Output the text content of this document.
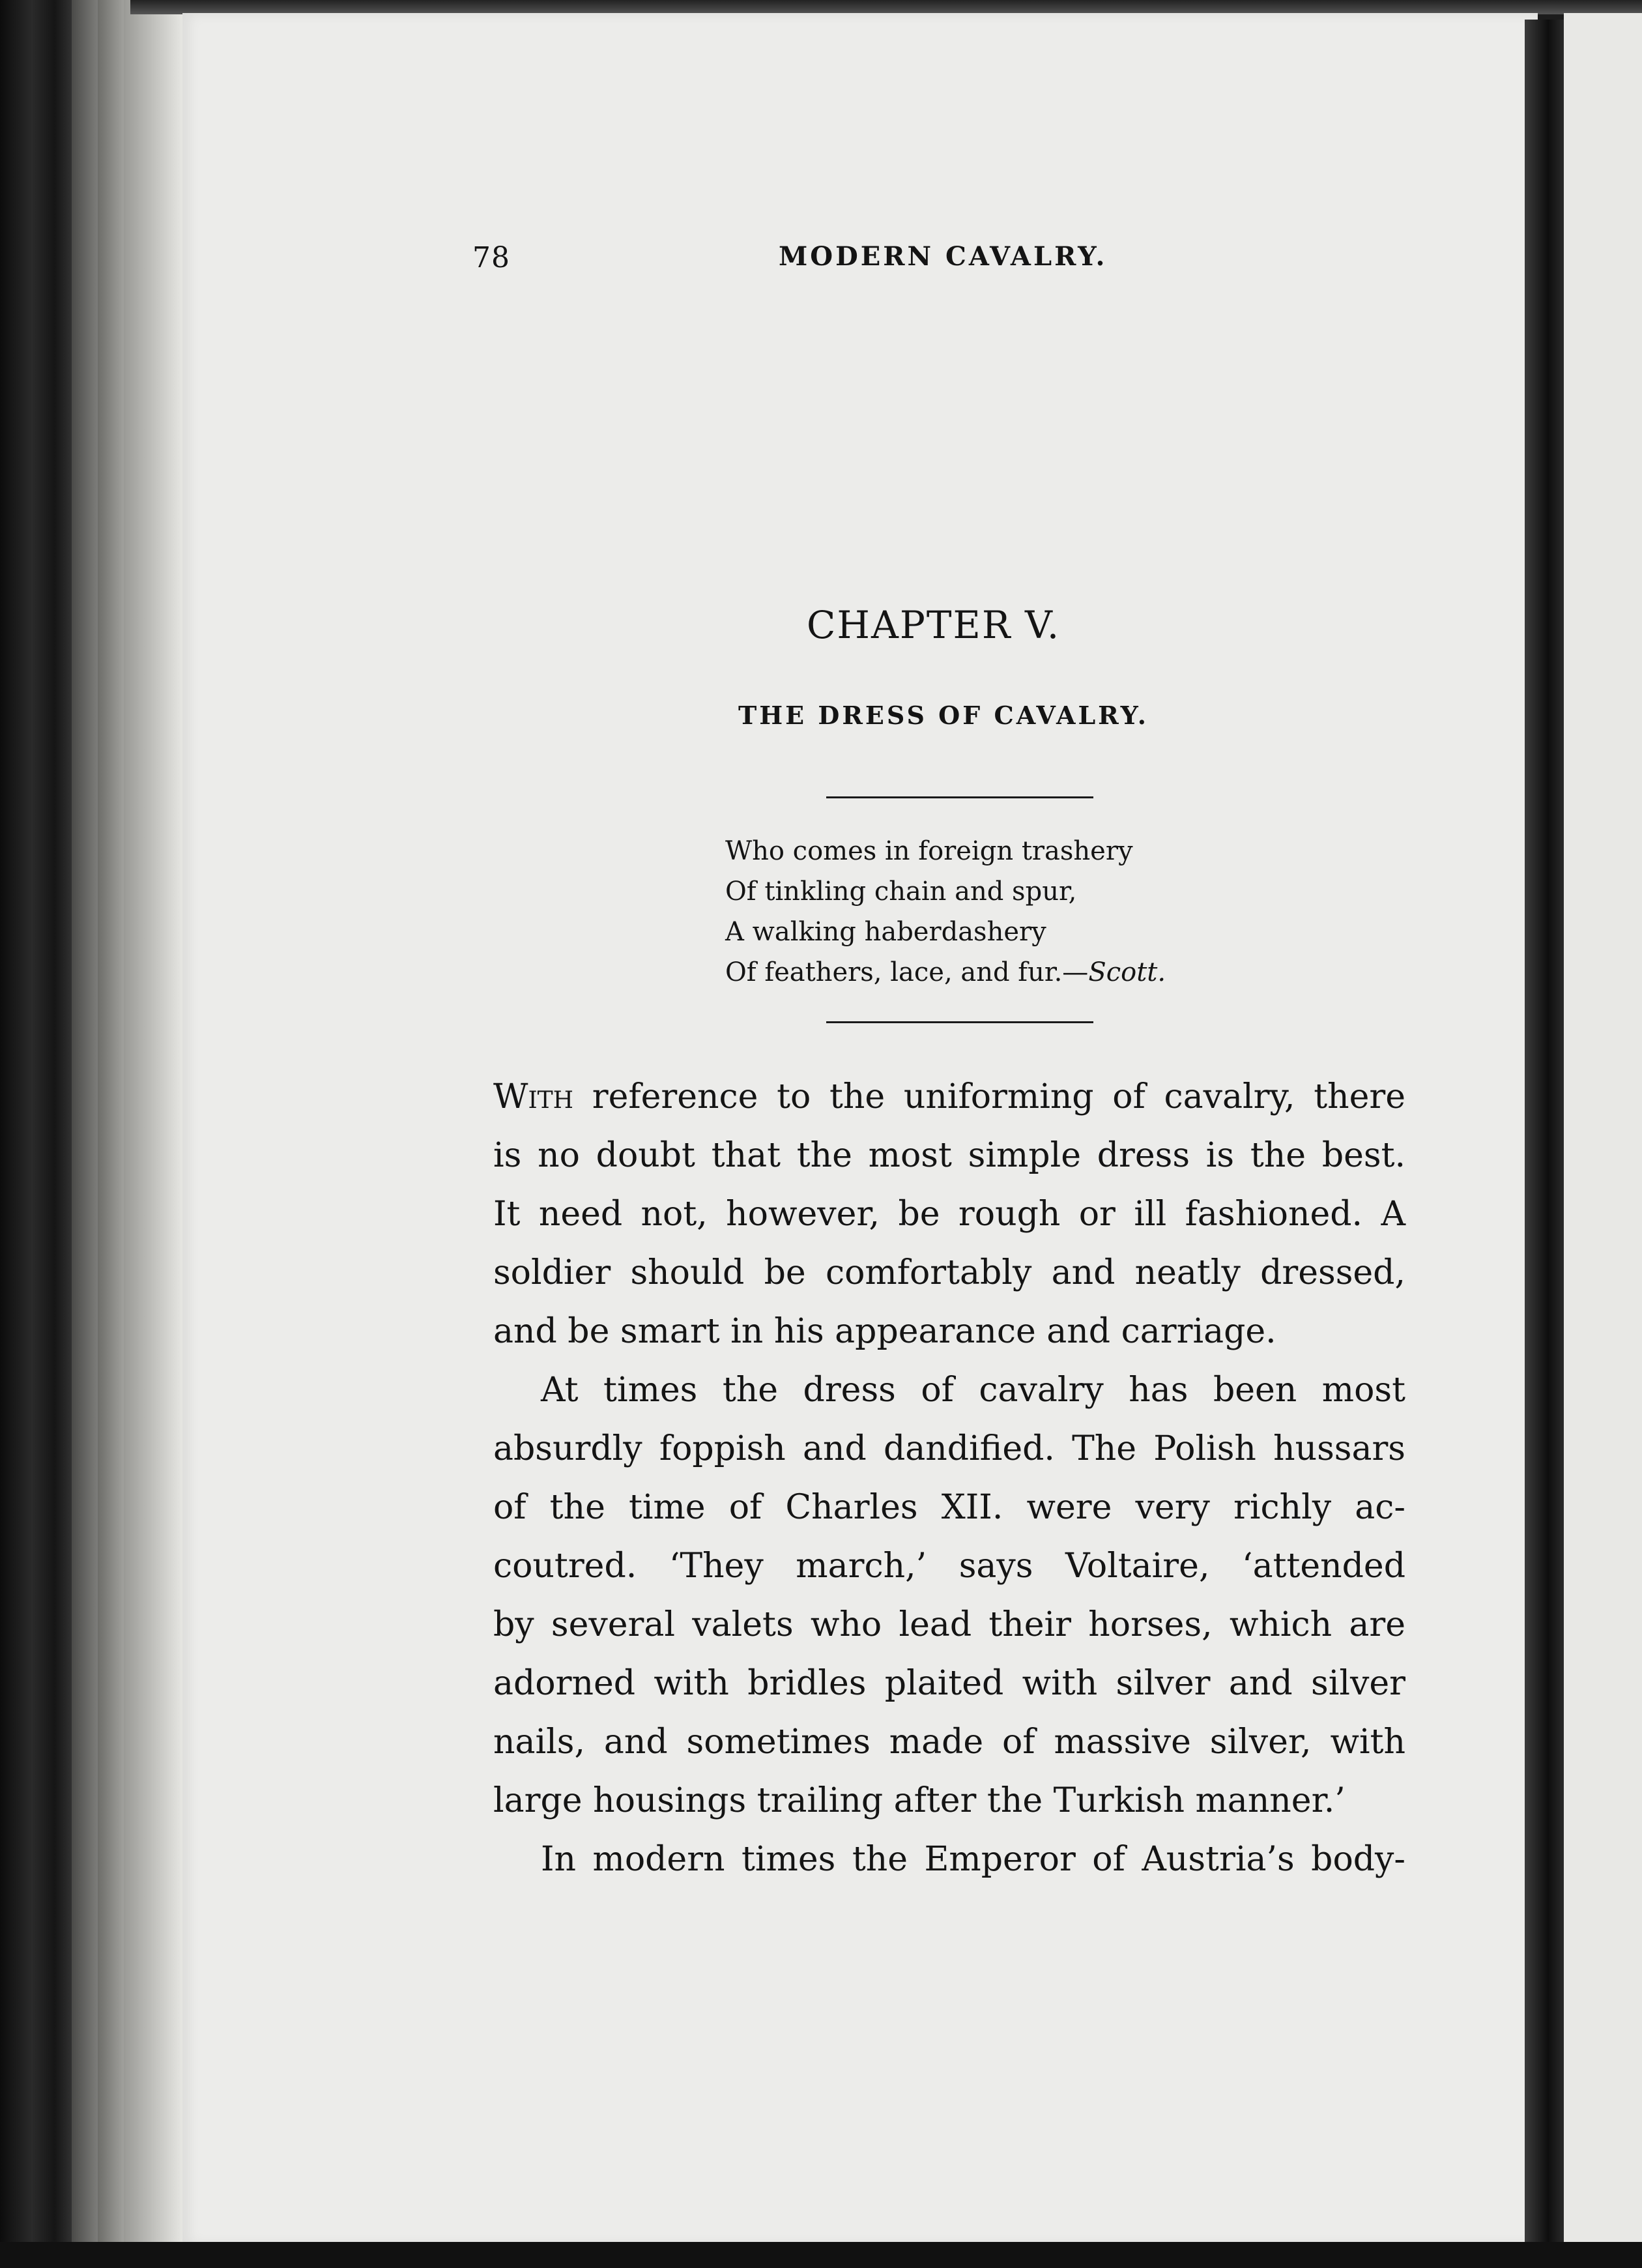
78	MODERN CAVALRY.
CHAPTER V.
THE DRESS OF CAVALRY.
Who comes in foreign trashery
Of tinkling chain and spur,
A walking haberdashery
Of feathers, lace, and fur.—Scott.
With reference to the uniforming of cavalry, there
is no doubt that the most simple dress is the best.
It need not, however, be rough or ill fashioned. A
soldier should be comfortably and neatly dressed,
and be smart in his appearance and carriage.
At times the dress of cavalry has been most
absurdly foppish and dandified. The Polish hussars
of the time of Charles XII. were very richly ac-
coutred. ‘They march,’ says Voltaire, ‘attended
by several valets who lead their horses, which are
adorned with bridles plaited with silver and silver
nails, and sometimes made of massive silver, with
large housings trailing after the Turkish manner.’
In modern times the Emperor of Austria’s body-
